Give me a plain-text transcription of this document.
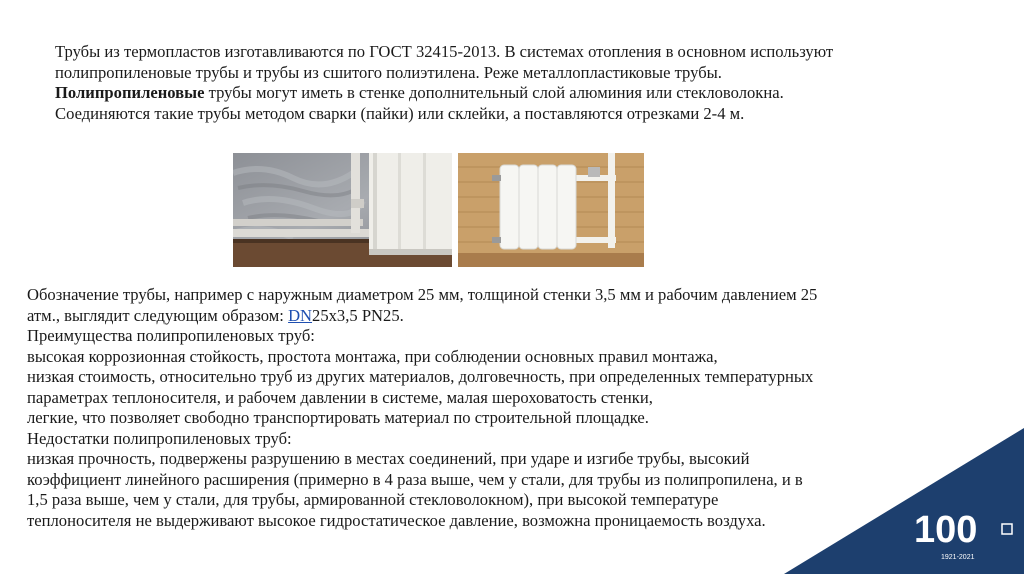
Трубы из термопластов изготавливаются по ГОСТ 32415-2013. В системах отопления в основном используют

полипропиленовые трубы и трубы из сшитого полиэтилена. Реже металлопластиковые трубы.

Полипропиленовые трубы могут иметь в стенке дополнительный слой алюминия или стекловолокна.

Соединяются такие трубы методом сварки (пайки) или склейки, а поставляются отрезками 2-4 м.

Обозначение трубы, например с наружным диаметром 25 мм, толщиной стенки 3,5 мм и рабочим давлением 25

атм., выглядит следующим образом: DN25x3,5 PN25.

Преимущества полипропиленовых труб:

высокая коррозионная стойкость, простота монтажа, при соблюдении основных правил монтажа,

низкая стоимость, относительно труб из других материалов, долговечность, при определенных температурных

параметрах теплоносителя, и рабочем давлении в системе, малая шероховатость стенки,

легкие, что позволяет свободно транспортировать материал по строительной площадке.

Недостатки полипропиленовых труб:

низкая прочность, подвержены разрушению в местах соединений, при ударе и изгибе трубы, высокий

коэффициент линейного расширения (примерно в 4 раза выше, чем у стали, для трубы из полипропилена, и в

1,5 раза выше, чем у стали, для трубы, армированной стекловолокном), при высокой температуре

теплоносителя не выдерживают высокое гидростатическое давление, возможна проницаемость воздуха.	100
1921-2021
